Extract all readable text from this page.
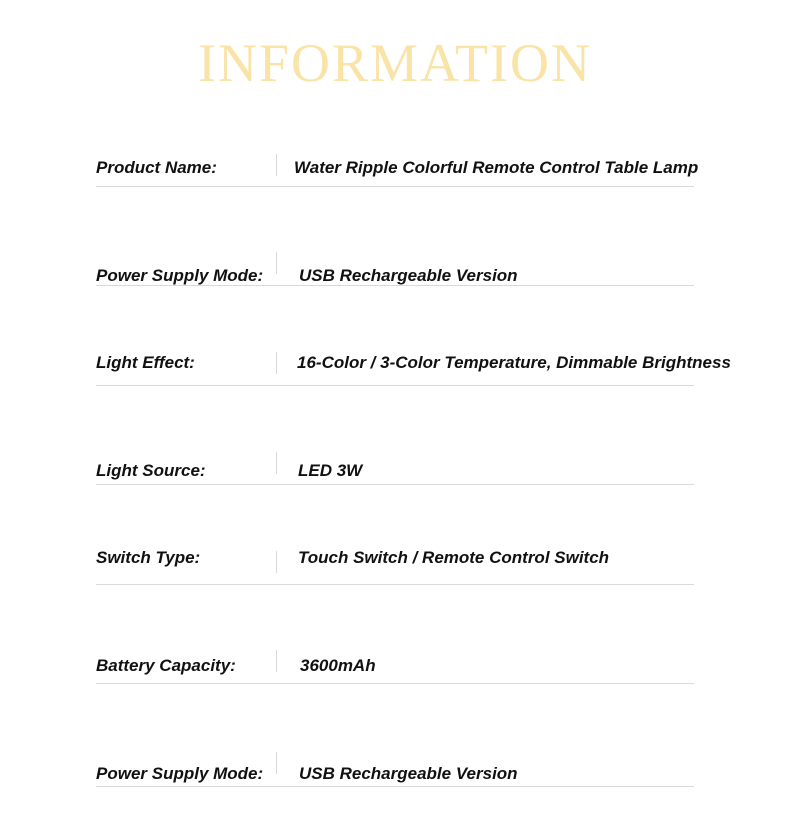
INFORMATION
Product Name:	Water Ripple Colorful Remote Control Table Lamp
Power Supply Mode: USB Rechargeable Version
Light Effect:	16-Color / 3-Color Temperature, Dimmable Brightness
Light Source:	LED 3W
Switch Type:	Touch Switch / Remote Control Switch
Battery Capacity:	3600mAh
Power Supply Mode: USB Rechargeable Version
